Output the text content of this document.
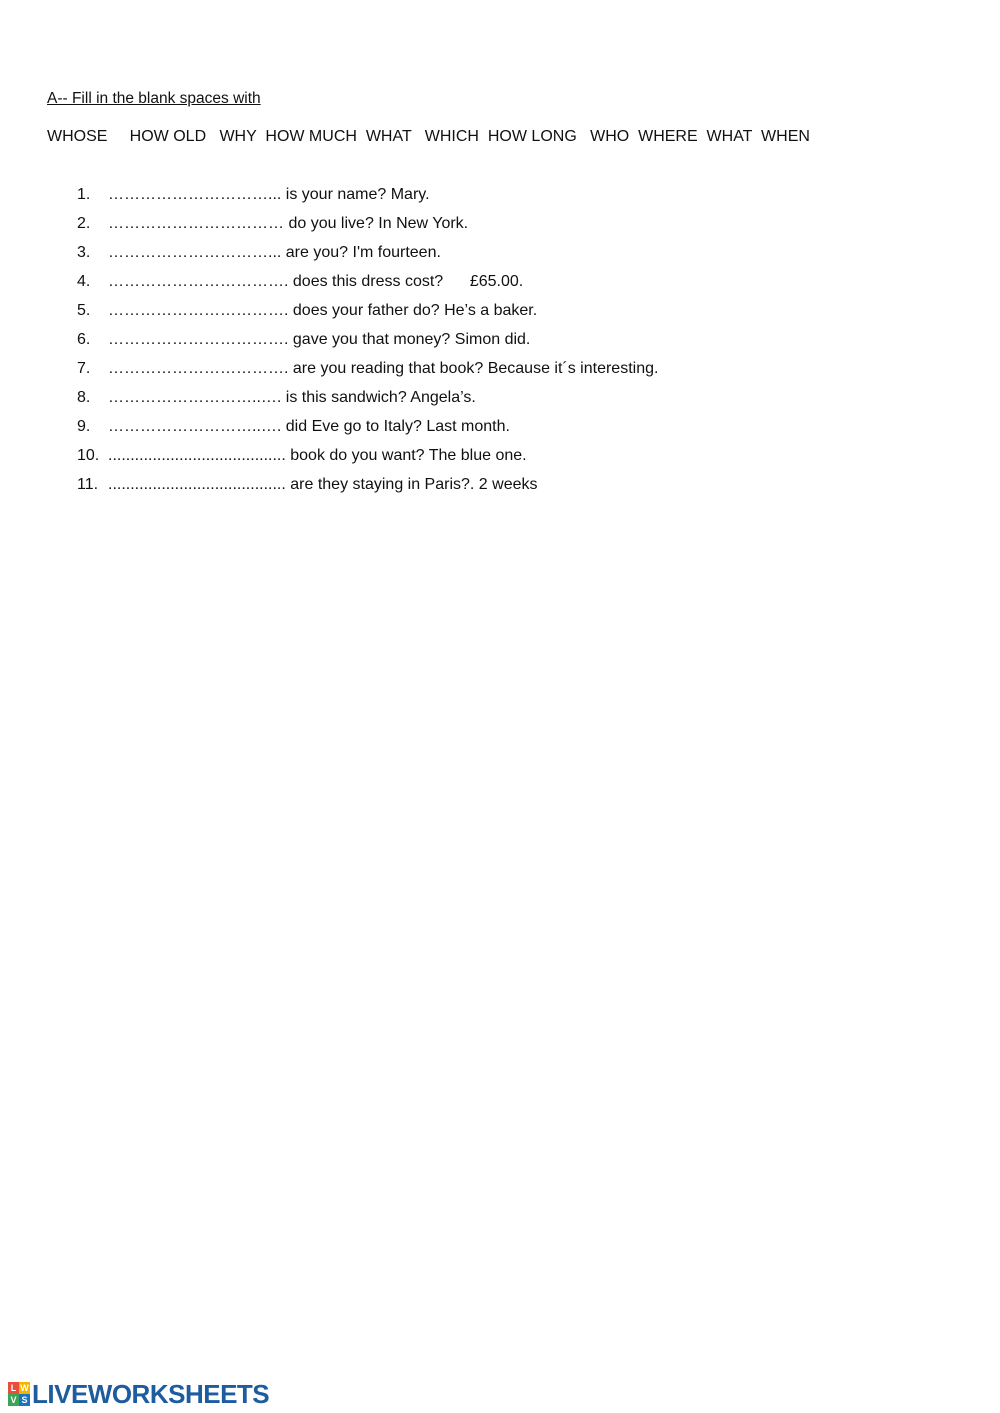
A-- Fill in the blank spaces with
WHOSE     HOW OLD   WHY  HOW MUCH  WHAT   WHICH  HOW LONG   WHO  WHERE  WHAT  WHEN
1.	…………………………... is your name? Mary.
2.	…………………………… do you live? In New York.
3.	…………………………... are you? I'm fourteen.
4.	……………………………. does this dress cost?      £65.00.
5.	……………………………. does your father do? He’s a baker.
6.	……………………………. gave you that money? Simon did.
7.	……………………………. are you reading that book? Because it´s interesting.
8.	………………………..…. is this sandwich? Angela’s.
9.	………………………..…. did Eve go to Italy? Last month.
10. ........................................ book do you want? The blue one.
11. ........................................ are they staying in Paris?. 2 weeks
L W
V S LIVEWORKSHEETS
